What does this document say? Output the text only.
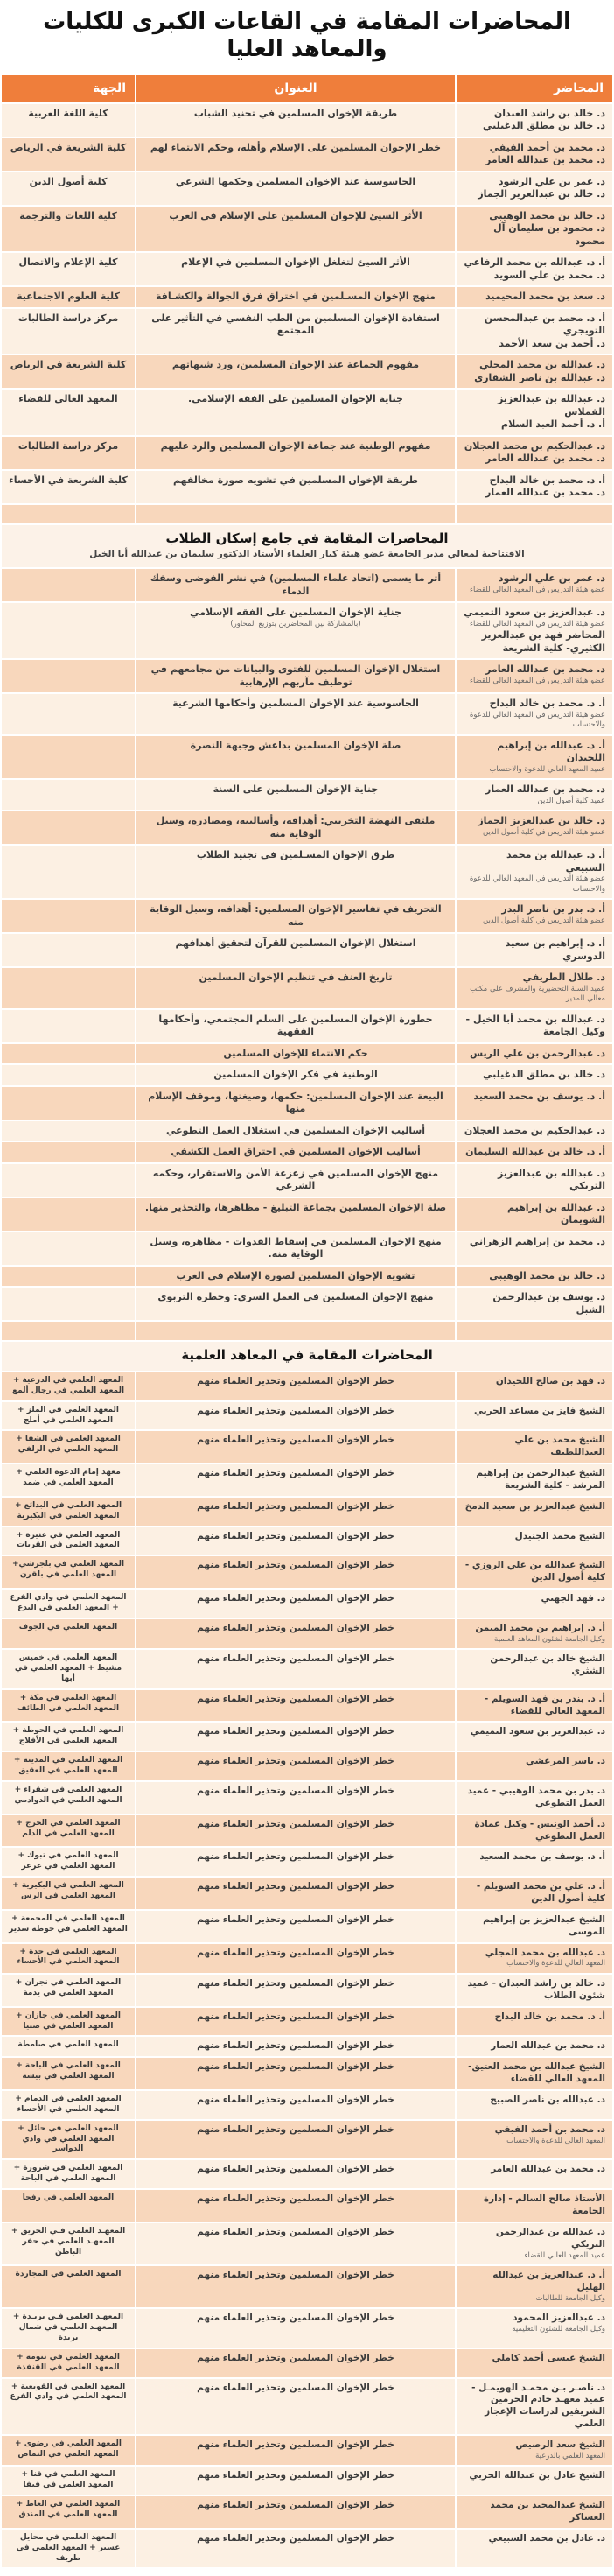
المحاضرات المقامة في القاعات الكبرى للكليات والمعاهد العليا
المحاضر
العنوان
الجهة
د. خالد بن راشد العبدان
د. خالد بن مطلق الدغيلبي
طريقة الإخوان المسلمين في تجنيد الشباب
كلية اللغة العربية
د. محمد بن أحمد الفيفي
د. محمد بن عبدالله العامر
خطر الإخوان المسلمين على الإسلام وأهله، وحكم الانتماء لهم
كلية الشريعة في الرياض
د. عمر بن علي الرشود
د. خالد بن عبدالعزيز الجماز
الجاسوسية عند الإخوان المسلمين وحكمها الشرعي
كلية أصول الدين
د. خالد بن محمد الوهيبي
د. محمود بن سليمان آل محمود
الأثر السيئ للإخوان المسلمين على الإسلام في الغرب
كلية اللغات والترجمة
أ. د. عبدالله بن محمد الرفاعي
د. محمد بن علي السويد
الأثر السيئ لتغلغل الإخوان المسلمين في الإعلام
كلية الإعلام والاتصال
د. سعد بن محمد المحيميد
منهج الإخوان المسـلمين في اختراق فرق الجوالة والكشـافة
كلية العلوم الاجتماعية
أ. د. محمد بن عبدالمحسن التويجري
د. أحمد بن سعد الأحمد
استفادة الإخوان المسلمين من الطب النفسي في التأثير على المجتمع
مركز دراسة الطالبات
د. عبدالله بن محمد المجلي
د. عبدالله بن ناصر الشقاري
مفهوم الجماعة عند الإخوان المسلمين، ورد شبهاتهم
كلية الشريعة في الرياض
د. عبدالله بن عبدالعزيز الفملاس
أ. د. أحمد العبد السلام
جناية الإخوان المسلمين على الفقه الإسلامي.
المعهد العالي للقضاء
د. عبدالحكيم بن محمد العجلان
د. محمد بن عبدالله العامر
مفهوم الوطنية عند جماعة الإخوان المسلمين والرد عليهم
مركز دراسة الطالبات
أ. د. محمد بن خالد البداح
د. محمد بن عبدالله العمار
طريقة الإخوان المسلمين في تشويه صورة مخالفهم
كلية الشريعة في الأحساء
المحاضرات المقامة في جامع إسكان الطلاب
الافتتاحية لمعالي مدير الجامعة عضو هيئة كبار العلماء الأستاذ الدكتور سليمان بن عبدالله أبا الخيل
د. عمر بن علي الرشود
عضو هيئة التدريس في المعهد العالي للقضاء
أثر ما يسمى (اتحاد علماء المسلمين) في نشر الفوضى وسفك الدماء
د. عبدالعزيز بن سعود التميمي
عضو هيئة التدريس في المعهد العالي للقضاء
المحاضر فهد بن عبدالعزيز الكثيري- كلية الشريعة
جناية الإخوان المسلمين على الفقه الإسلامي
(بالمشاركة بين المحاضرين بتوزيع المحاور)
د. محمد بن عبدالله العامر
عضو هيئة التدريس في المعهد العالي للقضاء
استغلال الإخوان المسلمين للفتوى والبيانات من مجامعهم في توظيف مآربهم الإرهابية
أ. د. محمد بن خالد البداح
عضو هيئة التدريس في المعهد العالي للدعوة والاحتساب
الجاسوسية عند الإخوان المسلمين وأحكامها الشرعية
أ. د. عبدالله بن إبراهيم اللحيدان
عميد المعهد العالي للدعوة والاحتساب
صلة الإخوان المسلمين بداعش وجبهة النصرة
د. محمد بن عبدالله العمار
عميد كلية أصول الدين
جناية الإخوان المسلمين على السنة
د. خالد بن عبدالعزيز الجماز
عضو هيئة التدريس في كلية أصول الدين
ملتقى النهضة التخريبي: أهدافه، وأساليبه، ومصادره، وسبل الوقاية منه
أ. د. عبدالله بن محمد السبيعي
عضو هيئة التدريس في المعهد العالي للدعوة والاحتساب
طرق الإخوان المسـلمين في تجنيد الطلاب
أ. د. بدر بن ناصر البدر
عضو هيئة التدريس في كلية أصول الدين
التحريف في تفاسير الإخوان المسلمين: أهدافه، وسبل الوقاية منه
أ. د. إبراهيم بن سعيد الدوسري
استغلال الإخوان المسلمين للقرآن لتحقيق أهدافهم
د. طلال الطريفي
عميد السنة التحضيرية والمشرف على مكتب معالي المدير
تاريخ العنف في تنظيم الإخوان المسلمين
د. عبدالله بن محمد أبا الخيل - وكيل الجامعة
خطورة الإخوان المسلمين على السلم المجتمعي، وأحكامها الفقهية
د. عبدالرحمن بن علي الريس
حكم الانتماء للإخوان المسلمين
د. خالد بن مطلق الدغيلبي
الوطنية في فكر الإخوان المسلمين
أ. د. يوسف بن محمد السعيد
البيعة عند الإخوان المسلمين: حكمها، وصيغتها، وموقف الإسلام منها
د. عبدالحكيم بن محمد العجلان
أساليب الإخوان المسلمين في استغلال العمل التطوعي
أ. د. خالد بن عبدالله السليمان
أساليب الإخوان المسلمين في اختراق العمل الكشفي
د. عبدالله بن عبدالعزيز التريكي
منهج الإخوان المسلمين في زعزعة الأمن والاستقرار، وحكمه الشرعي
د. عبدالله بن إبراهيم الشويمان
صلة الإخوان المسلمين بجماعة التبليغ - مظاهرها، والتحذير منها.
د. محمد بن إبراهيم الزهراني
منهج الإخوان المسلمين في إسقاط القدوات - مظاهره، وسبل الوقاية منه.
د. خالد بن محمد الوهيبي
تشويه الإخوان المسلمين لصورة الإسلام في الغرب
د. يوسف بن عبدالرحمن الشبل
منهج الإخوان المسلمين في العمل السري: وخطره التربوي
المحاضرات المقامة في المعاهد العلمية
د. فهد بن صالح اللحيدان
خطر الإخوان المسلمين وتحذير العلماء منهم
المعهد العلمي في الدرعية + المعهد العلمي في رجال ألمع
الشيخ فايز بن مساعد الحربي
خطر الإخوان المسلمين وتحذير العلماء منهم
المعهد العلمي في الملز + المعهد العلمي في أملج
الشيخ محمد بن علي العبداللطيف
خطر الإخوان المسلمين وتحذير العلماء منهم
المعهد العلمي في الشفا + المعهد العلمي في الزلفي
الشيخ عبدالرحمن بن إبراهيم المرشد - كلية الشريعة
خطر الإخوان المسلمين وتحذير العلماء منهم
معهد إمام الدعوة العلمي + المعهد العلمي في ضمد
الشيخ عبدالعزيز بن سعيد الدمخ
خطر الإخوان المسلمين وتحذير العلماء منهم
المعهد العلمي في البدائع + المعهد العلمي في البكيرية
الشيخ محمد الجنيدل
خطر الإخوان المسلمين وتحذير العلماء منهم
المعهد العلمي في عنيزة + المعهد العلمي في القريات
الشيخ عبدالله بن علي الروزي - كلية أصول الدين
خطر الإخوان المسلمين وتحذير العلماء منهم
المعهد العلمي في بلجرشي+ المعهد العلمي في بلقرن
د. فهد الجهني
خطر الإخوان المسلمين وتحذير العلماء منهم
المعهد العلمي في وادي الفرع + المعهد العلمي في البدع
أ. د. إبراهيم بن محمد الميمن
وكيل الجامعة لشئون المعاهد العلمية
خطر الإخوان المسلمين وتحذير العلماء منهم
المعهد العلمي في الجوف
الشيخ خالد بن عبدالرحمن الشثري
خطر الإخوان المسلمين وتحذير العلماء منهم
المعهد العلمي في خميس مشيط + المعهد العلمي في أبها
أ. د. بندر بن فهد السويلم - المعهد العالي للقضاء
خطر الإخوان المسلمين وتحذير العلماء منهم
المعهد العلمي في مكة + المعهد العلمي في الطائف
د. عبدالعزيز بن سعود التميمي
خطر الإخوان المسلمين وتحذير العلماء منهم
المعهد العلمي في الحوطة + المعهد العلمي في الأفلاج
د. ياسر المرعشي
خطر الإخوان المسلمين وتحذير العلماء منهم
المعهد العلمي في المدينة + المعهد العلمي في العقيق
د. بدر بن محمد الوهيبي - عميد العمل التطوعي
خطر الإخوان المسلمين وتحذير العلماء منهم
المعهد العلمي في شقراء + المعهد العلمي في الدوادمي
د. أحمد الونيس - وكيل عمادة العمل التطوعي
خطر الإخوان المسلمين وتحذير العلماء منهم
المعهد العلمي في الخرج + المعهد العلمي في الدلم
أ. د. يوسف بن محمد السعيد
خطر الإخوان المسلمين وتحذير العلماء منهم
المعهد العلمي في تبوك + المعهد العلمي في عرعر
أ. د. علي بن محمد السويلم - كلية أصول الدين
خطر الإخوان المسلمين وتحذير العلماء منهم
المعهد العلمي في البكيرية + المعهد العلمي في الرس
الشيخ عبدالعزيز بن إبراهيم الموسى
خطر الإخوان المسلمين وتحذير العلماء منهم
المعهد العلمي في المجمعة + المعهد العلمي في حوطة سدير
د. عبدالله بن محمد المجلي
المعهد العالي للدعوة والاحتساب
خطر الإخوان المسلمين وتحذير العلماء منهم
المعهد العلمي في جدة + المعهد العلمي في الأحساء
د. خالد بن راشد العبدان - عميد شئون الطلاب
خطر الإخوان المسلمين وتحذير العلماء منهم
المعهد العلمي في نجران + المعهد العلمي في يدمة
أ. د. محمد بن خالد البداح
خطر الإخوان المسلمين وتحذير العلماء منهم
المعهد العلمي في جازان + المعهد العلمي في صبيا
د. محمد بن عبدالله العمار
خطر الإخوان المسلمين وتحذير العلماء منهم
المعهد العلمي في صامطة
الشيخ عبدالله بن محمد العتيق-المعهد العالي للقضاء
خطر الإخوان المسلمين وتحذير العلماء منهم
المعهد العلمي في الباحة + المعهد العلمي في بيشة
د. عبدالله بن ناصر الصبيح
خطر الإخوان المسلمين وتحذير العلماء منهم
المعهد العلمي في الدمام + المعهد العلمي في الأحساء
د. محمد بن أحمد الفيفي
المعهد العالي للدعوة والاحتساب
خطر الإخوان المسلمين وتحذير العلماء منهم
المعهد العلمي في حائل + المعهد العلمي في وادي الدواسر
د. محمد بن عبدالله العامر
خطر الإخوان المسلمين وتحذير العلماء منهم
المعهد العلمي في شرورة + المعهد العلمي في الباحة
الأستاذ صالح السالم - إدارة الجامعة
خطر الإخوان المسلمين وتحذير العلماء منهم
المعهد العلمي في رفحا
د. عبدالله بن عبدالرحمن التريكي
عميد المعهد العالي للقضاء
خطر الإخوان المسلمين وتحذير العلماء منهم
المعهـد العلمي فـي الحريق + المعهـد العلمي في حفر الباطن
أ. د. عبدالعزيز بن عبدالله الهليل
وكيل الجامعة للطالبات
خطر الإخوان المسلمين وتحذير العلماء منهم
المعهد العلمي في المجاردة
د. عبدالعزيز المحمود
وكيل الجامعة للشئون التعليمية
خطر الإخوان المسلمين وتحذير العلماء منهم
المعهـد العلمي فـي بريـدة + المعهـد العلمي في شمال بريدة
الشيخ عيسى أحمد كاملي
خطر الإخوان المسلمين وتحذير العلماء منهم
المعهد العلمي في تنومة + المعهد العلمي في القنفذة
د. ناصـر بـن محمـد الهويمـل - عميد معهـد خادم الحرمين الشريفين لدراسات الإعجاز العلمي
خطر الإخوان المسلمين وتحذير العلماء منهم
المعهد العلمي في القويعية + المعهد العلمي في وادي الفرع
الشيخ سعد الرصيص
المعهد العلمي بالدرعية
خطر الإخوان المسلمين وتحذير العلماء منهم
المعهد العلمي في رضوى + المعهد العلمي في النماص
الشيخ عادل بن عبدالله الحربي
خطر الإخوان المسلمين وتحذير العلماء منهم
المعهد العلمي في قنا + المعهد العلمي في فيفا
الشيخ عبدالمجيد بن محمد العساكر
خطر الإخوان المسلمين وتحذير العلماء منهم
المعهد العلمي في الغاط + المعهد العلمي في المندق
د. عادل بن محمد السبيعي
خطر الإخوان المسلمين وتحذير العلماء منهم
المعهد العلمي في محايل عسير + المعهد العلمي في طريف
